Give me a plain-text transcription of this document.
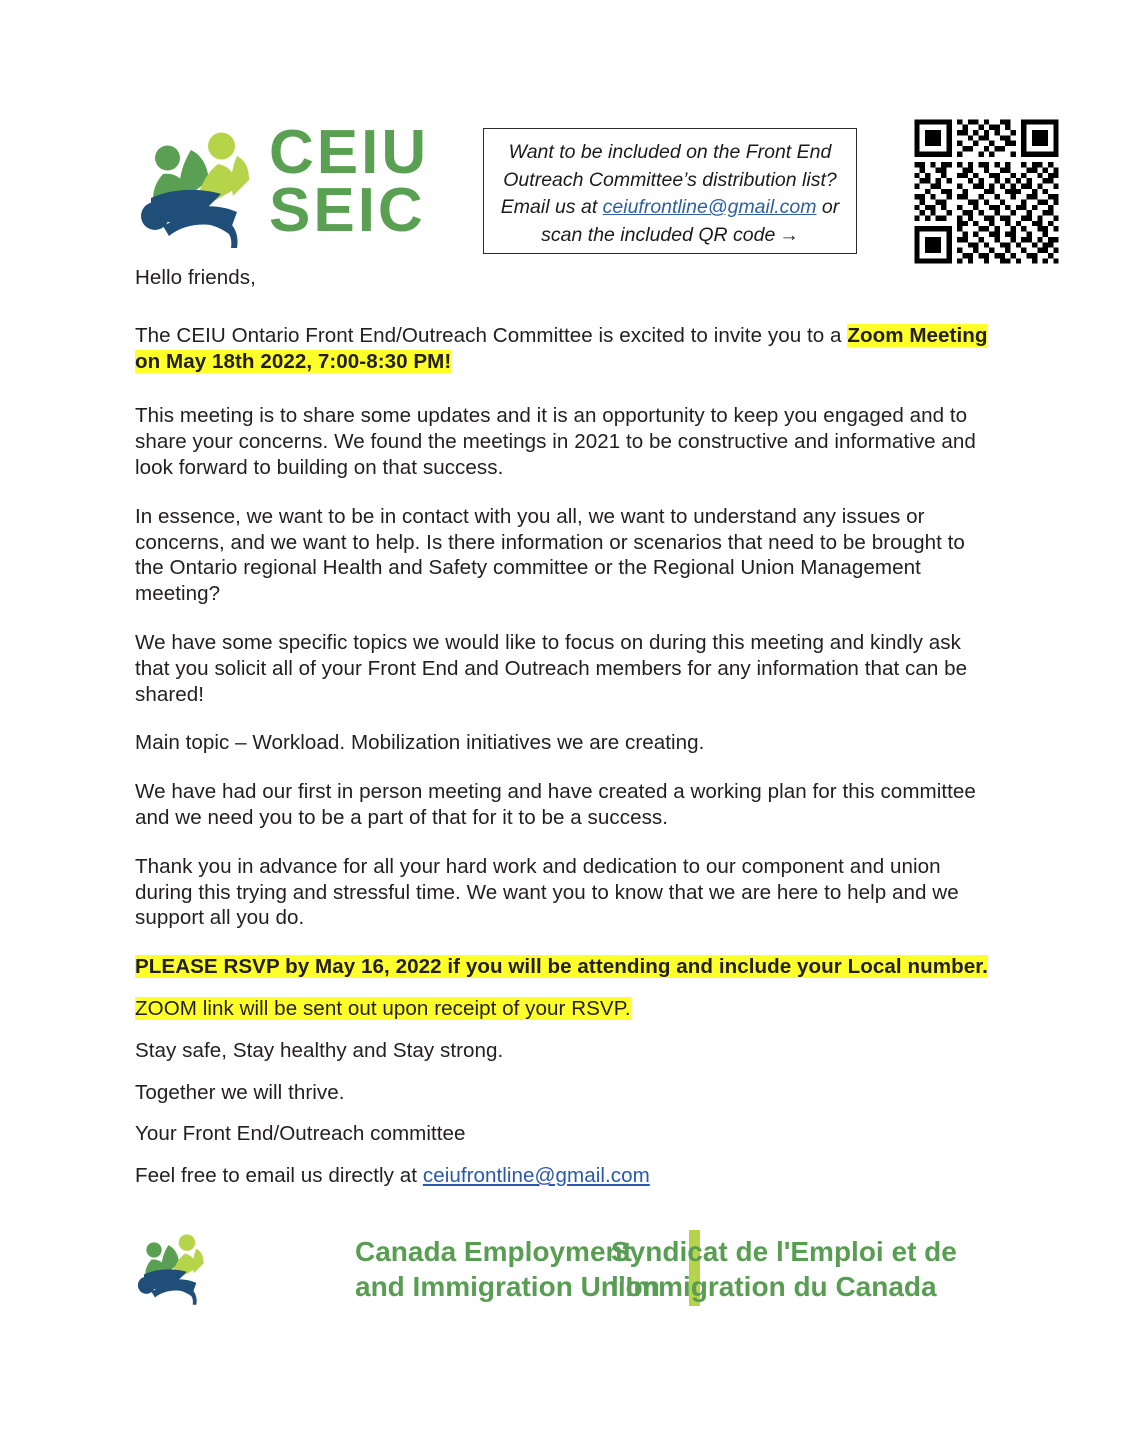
CEIU
SEIC
Want to be included on the Front End
Outreach Committee’s distribution list?
Email us at ceiufrontline@gmail.com or
scan the included QR code →

Hello friends,

The CEIU Ontario Front End/Outreach Committee is excited to invite you to a Zoom Meeting on May 18th 2022, 7:00-8:30 PM!

This meeting is to share some updates and it is an opportunity to keep you engaged and to share your concerns. We found the meetings in 2021 to be constructive and informative and look forward to building on that success.

In essence, we want to be in contact with you all, we want to understand any issues or concerns, and we want to help. Is there information or scenarios that need to be brought to the Ontario regional Health and Safety committee or the Regional Union Management meeting?

We have some specific topics we would like to focus on during this meeting and kindly ask that you solicit all of your Front End and Outreach members for any information that can be shared!

Main topic – Workload. Mobilization initiatives we are creating.

We have had our first in person meeting and have created a working plan for this committee and we need you to be a part of that for it to be a success.

Thank you in advance for all your hard work and dedication to our component and union during this trying and stressful time. We want you to know that we are here to help and we support all you do.

PLEASE RSVP by May 16, 2022 if you will be attending and include your Local number.

ZOOM link will be sent out upon receipt of your RSVP.

Stay safe, Stay healthy and Stay strong.

Together we will thrive.

Your Front End/Outreach committee

Feel free to email us directly at ceiufrontline@gmail.com

Canada Employment
and Immigration Union
Syndicat de l'Emploi et de
l'Immigration du Canada
